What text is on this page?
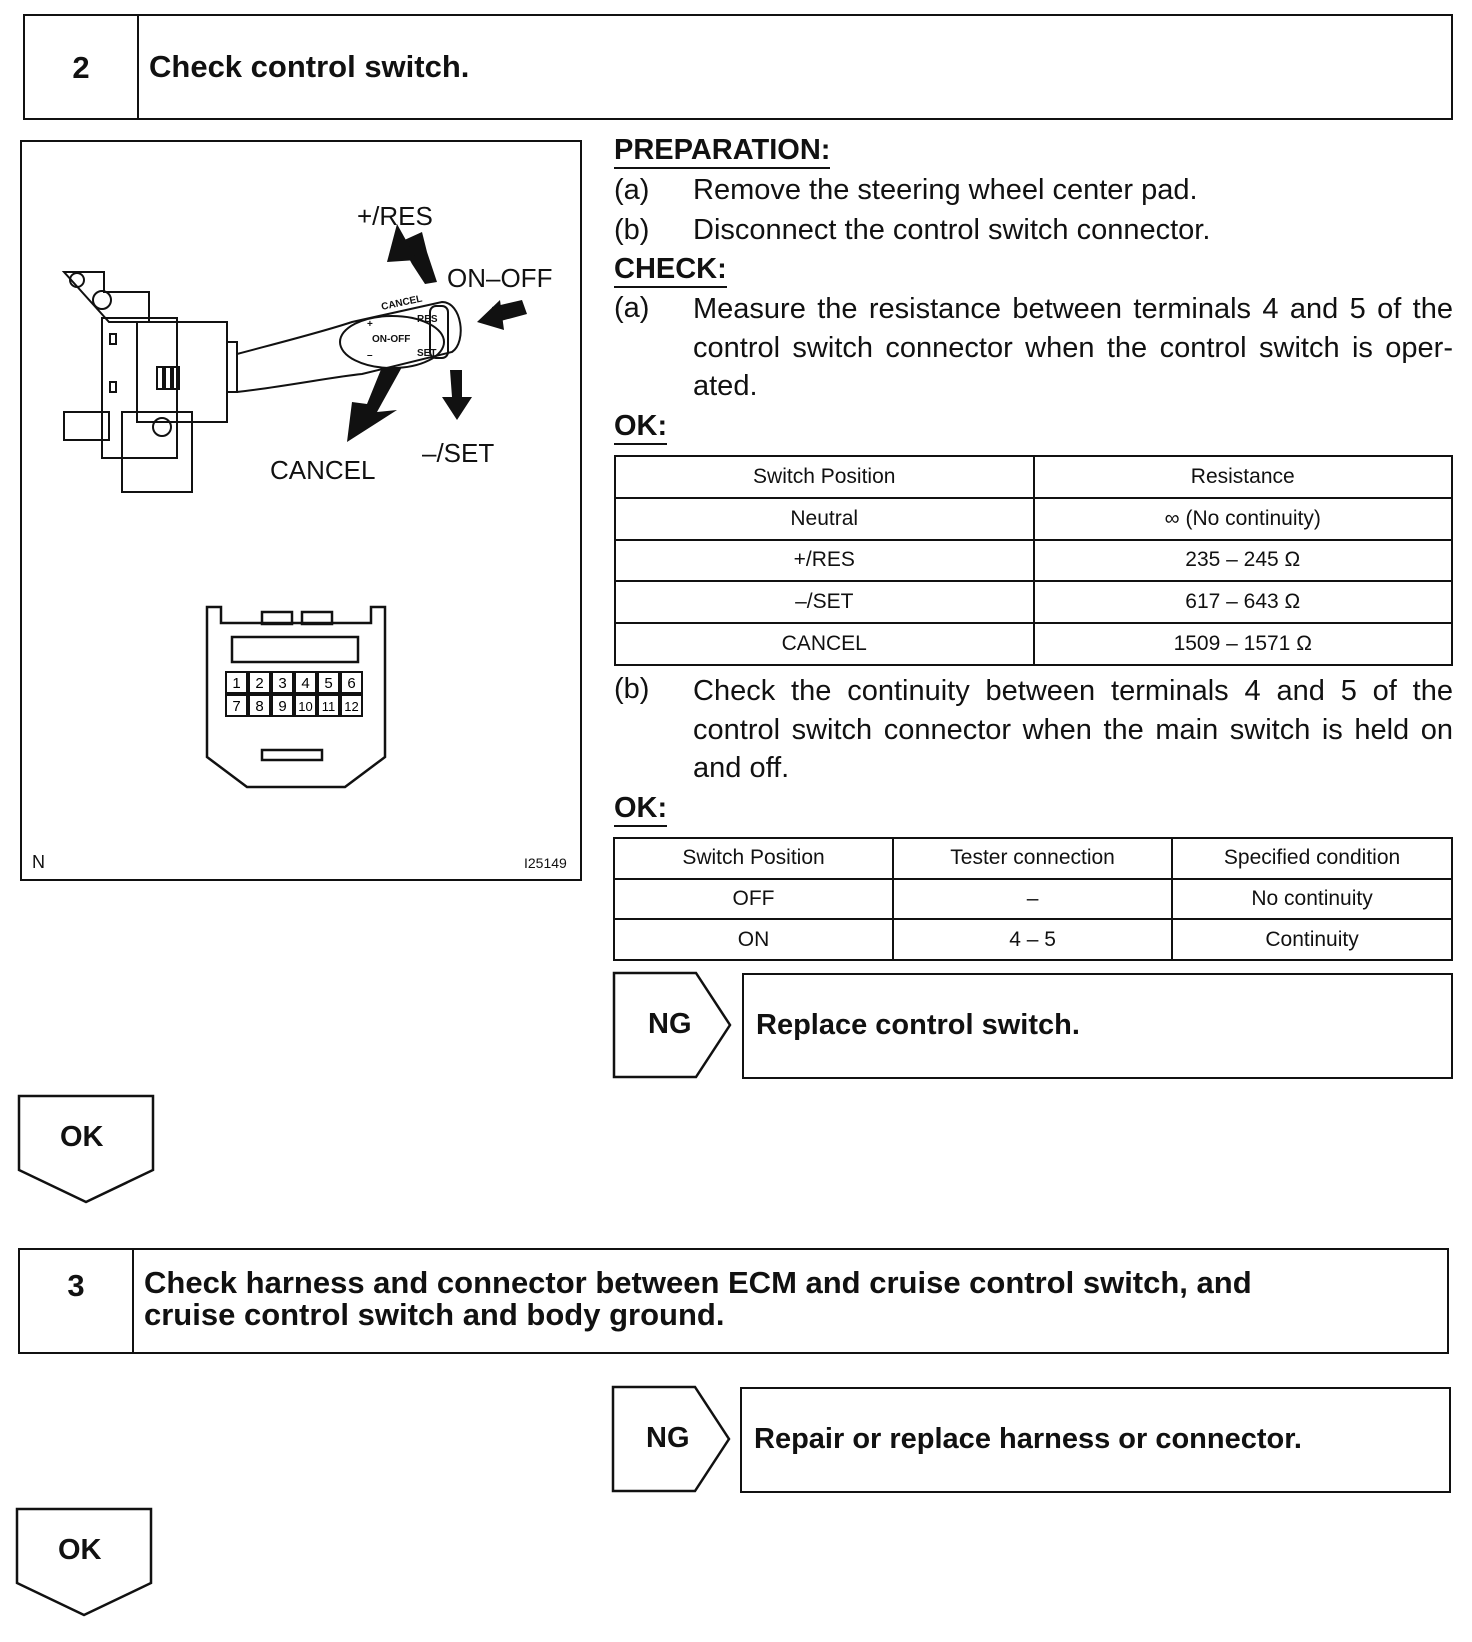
2	Check control switch.
CANCEL
+	RES
ON-OFF
SET
–
+/RES
ON–OFF
CANCEL
–/SET
1 2 3 4 5 6
7 8 9 10 11 12
N	I25149
PREPARATION:
(a) Remove the steering wheel center pad.
(b) Disconnect the control switch connector.
CHECK:
(a) Measure the resistance between terminals 4 and 5 of the control switch connector when the control switch is oper- ated.
OK:
Switch Position	Resistance
Neutral	∞ (No continuity)
+/RES	235 – 245 Ω
–/SET	617 – 643 Ω
CANCEL	1509 – 1571 Ω
(b) Check the continuity between terminals 4 and 5 of the control switch connector when the main switch is held on and off.
OK:
Switch Position	Tester connection	Specified condition
OFF	–	No continuity
ON	4 – 5	Continuity
NG Replace control switch.
OK
3	Check harness and connector between ECM and cruise control switch, and
cruise control switch and body ground.
NG Repair or replace harness or connector.
OK
